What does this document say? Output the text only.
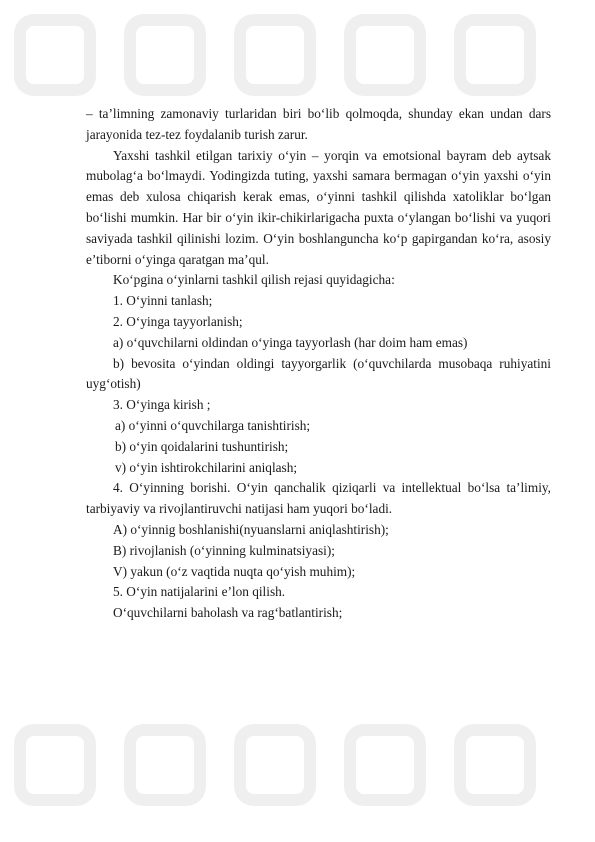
– ta’limning zamonaviy turlaridan biri bo‘lib qolmoqda, shunday ekan undan dars jarayonida tez-tez foydalanib turish zarur.

Yaxshi tashkil etilgan tarixiy o‘yin – yorqin va emotsional bayram deb aytsak mubolag‘a bo‘lmaydi. Yodingizda tuting, yaxshi samara bermagan o‘yin yaxshi o‘yin emas deb xulosa chiqarish kerak emas, o‘yinni tashkil qilishda xatoliklar bo‘lgan bo‘lishi mumkin. Har bir o‘yin ikir-chikirlarigacha puxta o‘ylangan bo‘lishi va yuqori saviyada tashkil qilinishi lozim. O‘yin boshlanguncha ko‘p gapirgandan ko‘ra, asosiy e’tiborni o‘yinga qaratgan ma’qul.

Ko‘pgina o‘yinlarni tashkil qilish rejasi quyidagicha:

1. O‘yinni tanlash;

2. O‘yinga tayyorlanish;

a) o‘quvchilarni oldindan o‘yinga tayyorlash (har doim ham emas)

b) bevosita o‘yindan oldingi tayyorgarlik (o‘quvchilarda musobaqa ruhiyatini uyg‘otish)

3. O‘yinga kirish ;

a) o‘yinni o‘quvchilarga tanishtirish;

b) o‘yin qoidalarini tushuntirish;

v) o‘yin ishtirokchilarini aniqlash;

4. O‘yinning borishi. O‘yin qanchalik qiziqarli va intellektual bo‘lsa ta’limiy, tarbiyaviy va rivojlantiruvchi natijasi ham yuqori bo‘ladi.

A) o‘yinnig boshlanishi(nyuanslarni aniqlashtirish);

B) rivojlanish (o‘yinning kulminatsiyasi);

V) yakun (o‘z vaqtida nuqta qo‘yish muhim);

5. O‘yin natijalarini e’lon qilish.

O‘quvchilarni baholash va rag‘batlantirish;
